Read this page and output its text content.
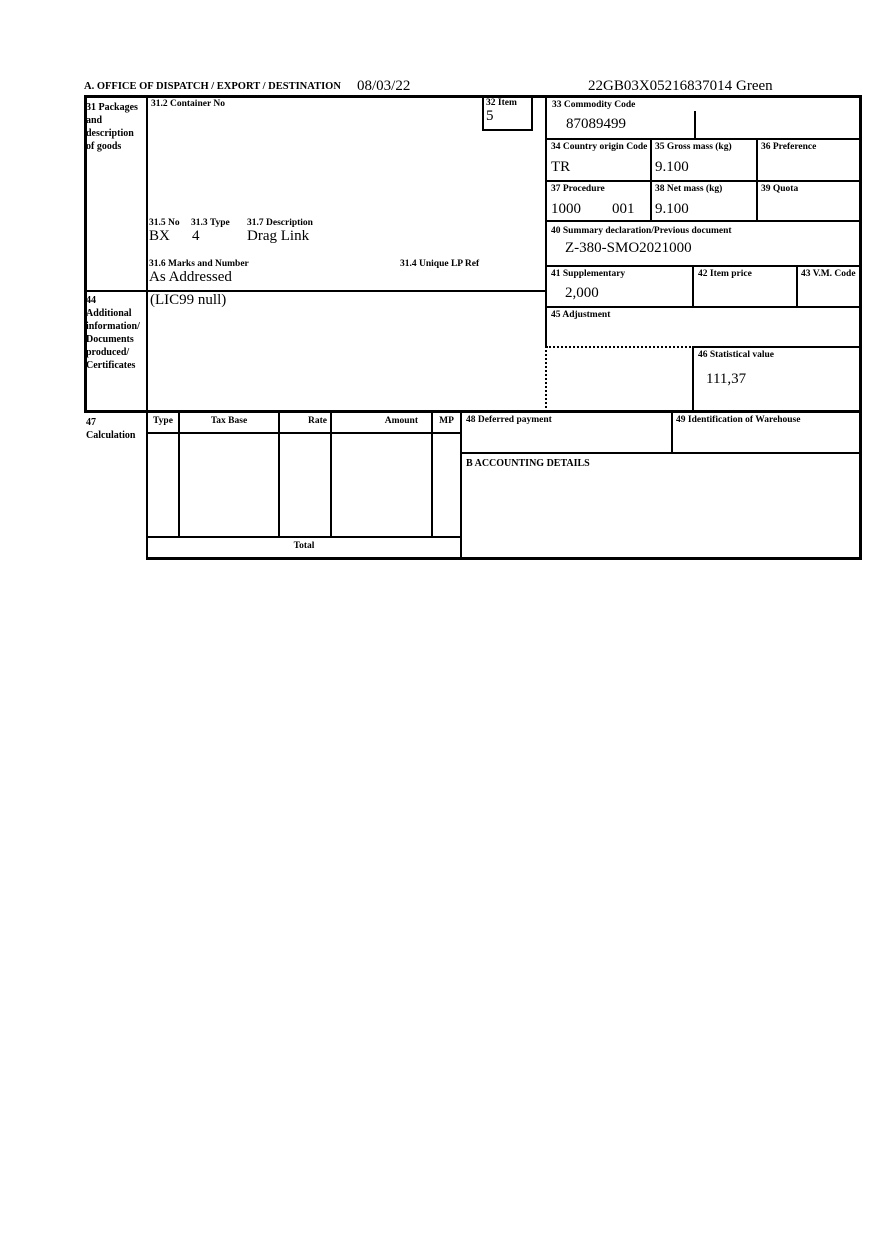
A. OFFICE OF DISPATCH / EXPORT / DESTINATION 08/03/22	22GB03X05216837014 Green
31 Packages
and
description
of goods
31.2 Container No	32 Item
5
33 Commodity Code
87089499
34 Country origin Code
TR
35 Gross mass (kg)
9.100
36 Preference
37 Procedure
1000 001
38 Net mass (kg)
9.100
39 Quota
31.5 No 31.3 Type 31.7 Description
BX 4	Drag Link
31.6 Marks and Number
As Addressed
31.4 Unique LP Ref
40 Summary declaration/Previous document
Z-380-SMO2021000
41 Supplementary
2,000
42 Item price	43 V.M. Code
44
Additional
information/
Documents
produced/
Certificates
(LIC99 null)
45 Adjustment
46 Statistical value
111,37
47
Calculation
Type	Tax Base	Rate	Amount	MP
Total
48 Deferred payment	49 Identification of Warehouse
B ACCOUNTING DETAILS
